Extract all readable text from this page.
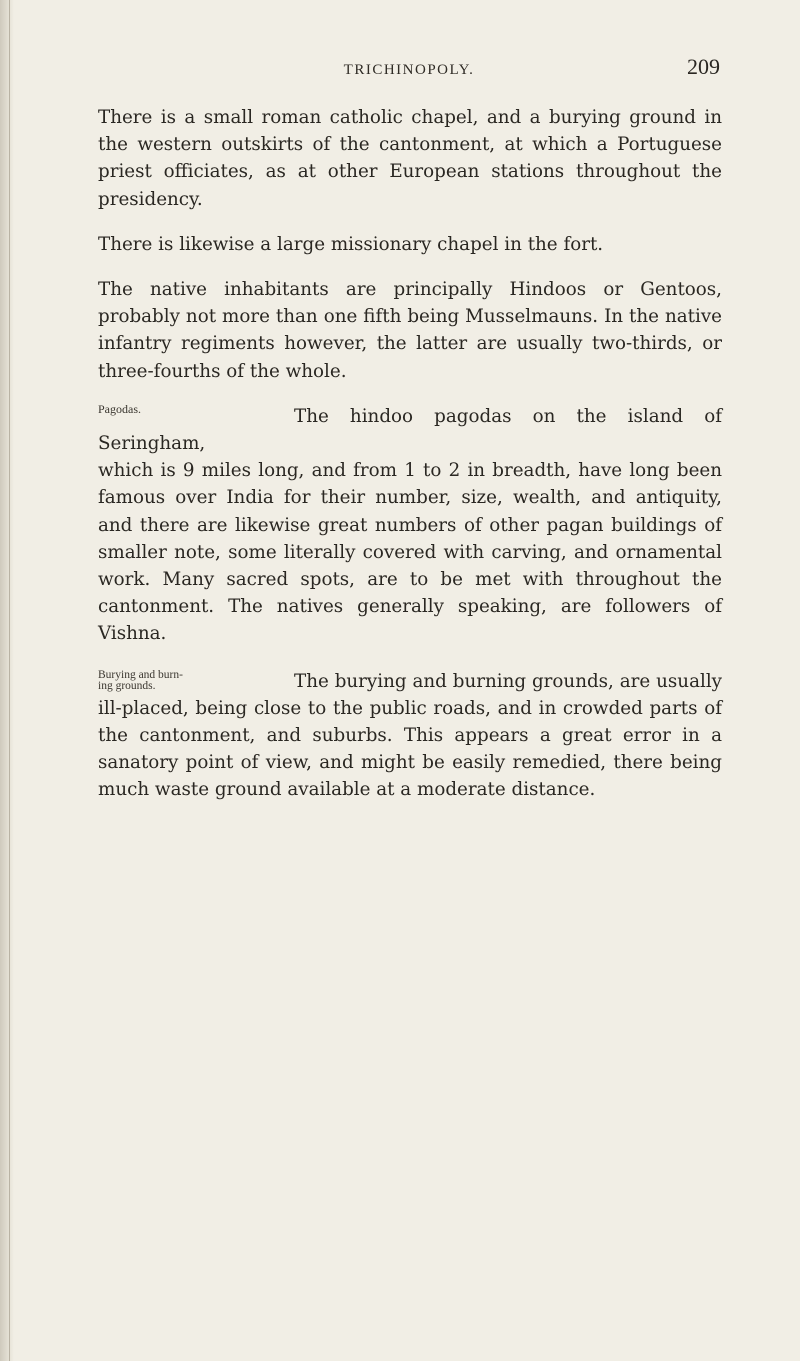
TRICHINOPOLY.	209

There is a small roman catholic chapel, and a burying ground in the western outskirts of the cantonment, at which a Portuguese priest officiates, as at other European stations throughout the presidency.

There is likewise a large missionary chapel in the fort.

The native inhabitants are principally Hindoos or Gentoos, probably not more than one fifth being Musselmauns. In the native infantry regiments however, the latter are usually two-thirds, or three-fourths of the whole.

Pagodas.	The hindoo pagodas on the island of Seringham,
which is 9 miles long, and from 1 to 2 in breadth, have long been famous over India for their number, size, wealth, and antiquity, and there are likewise great numbers of other pagan buildings of smaller note, some literally covered with carving, and ornamental work. Many sacred spots, are to be met with throughout the cantonment. The natives generally speaking, are followers of Vishna.
Burying and burn-
ing grounds.	The burying and burning grounds, are usually
ill-placed, being close to the public roads, and in crowded parts of the cantonment, and suburbs. This appears a great error in a sanatory point of view, and might be easily remedied, there being much waste ground available at a moderate distance.
